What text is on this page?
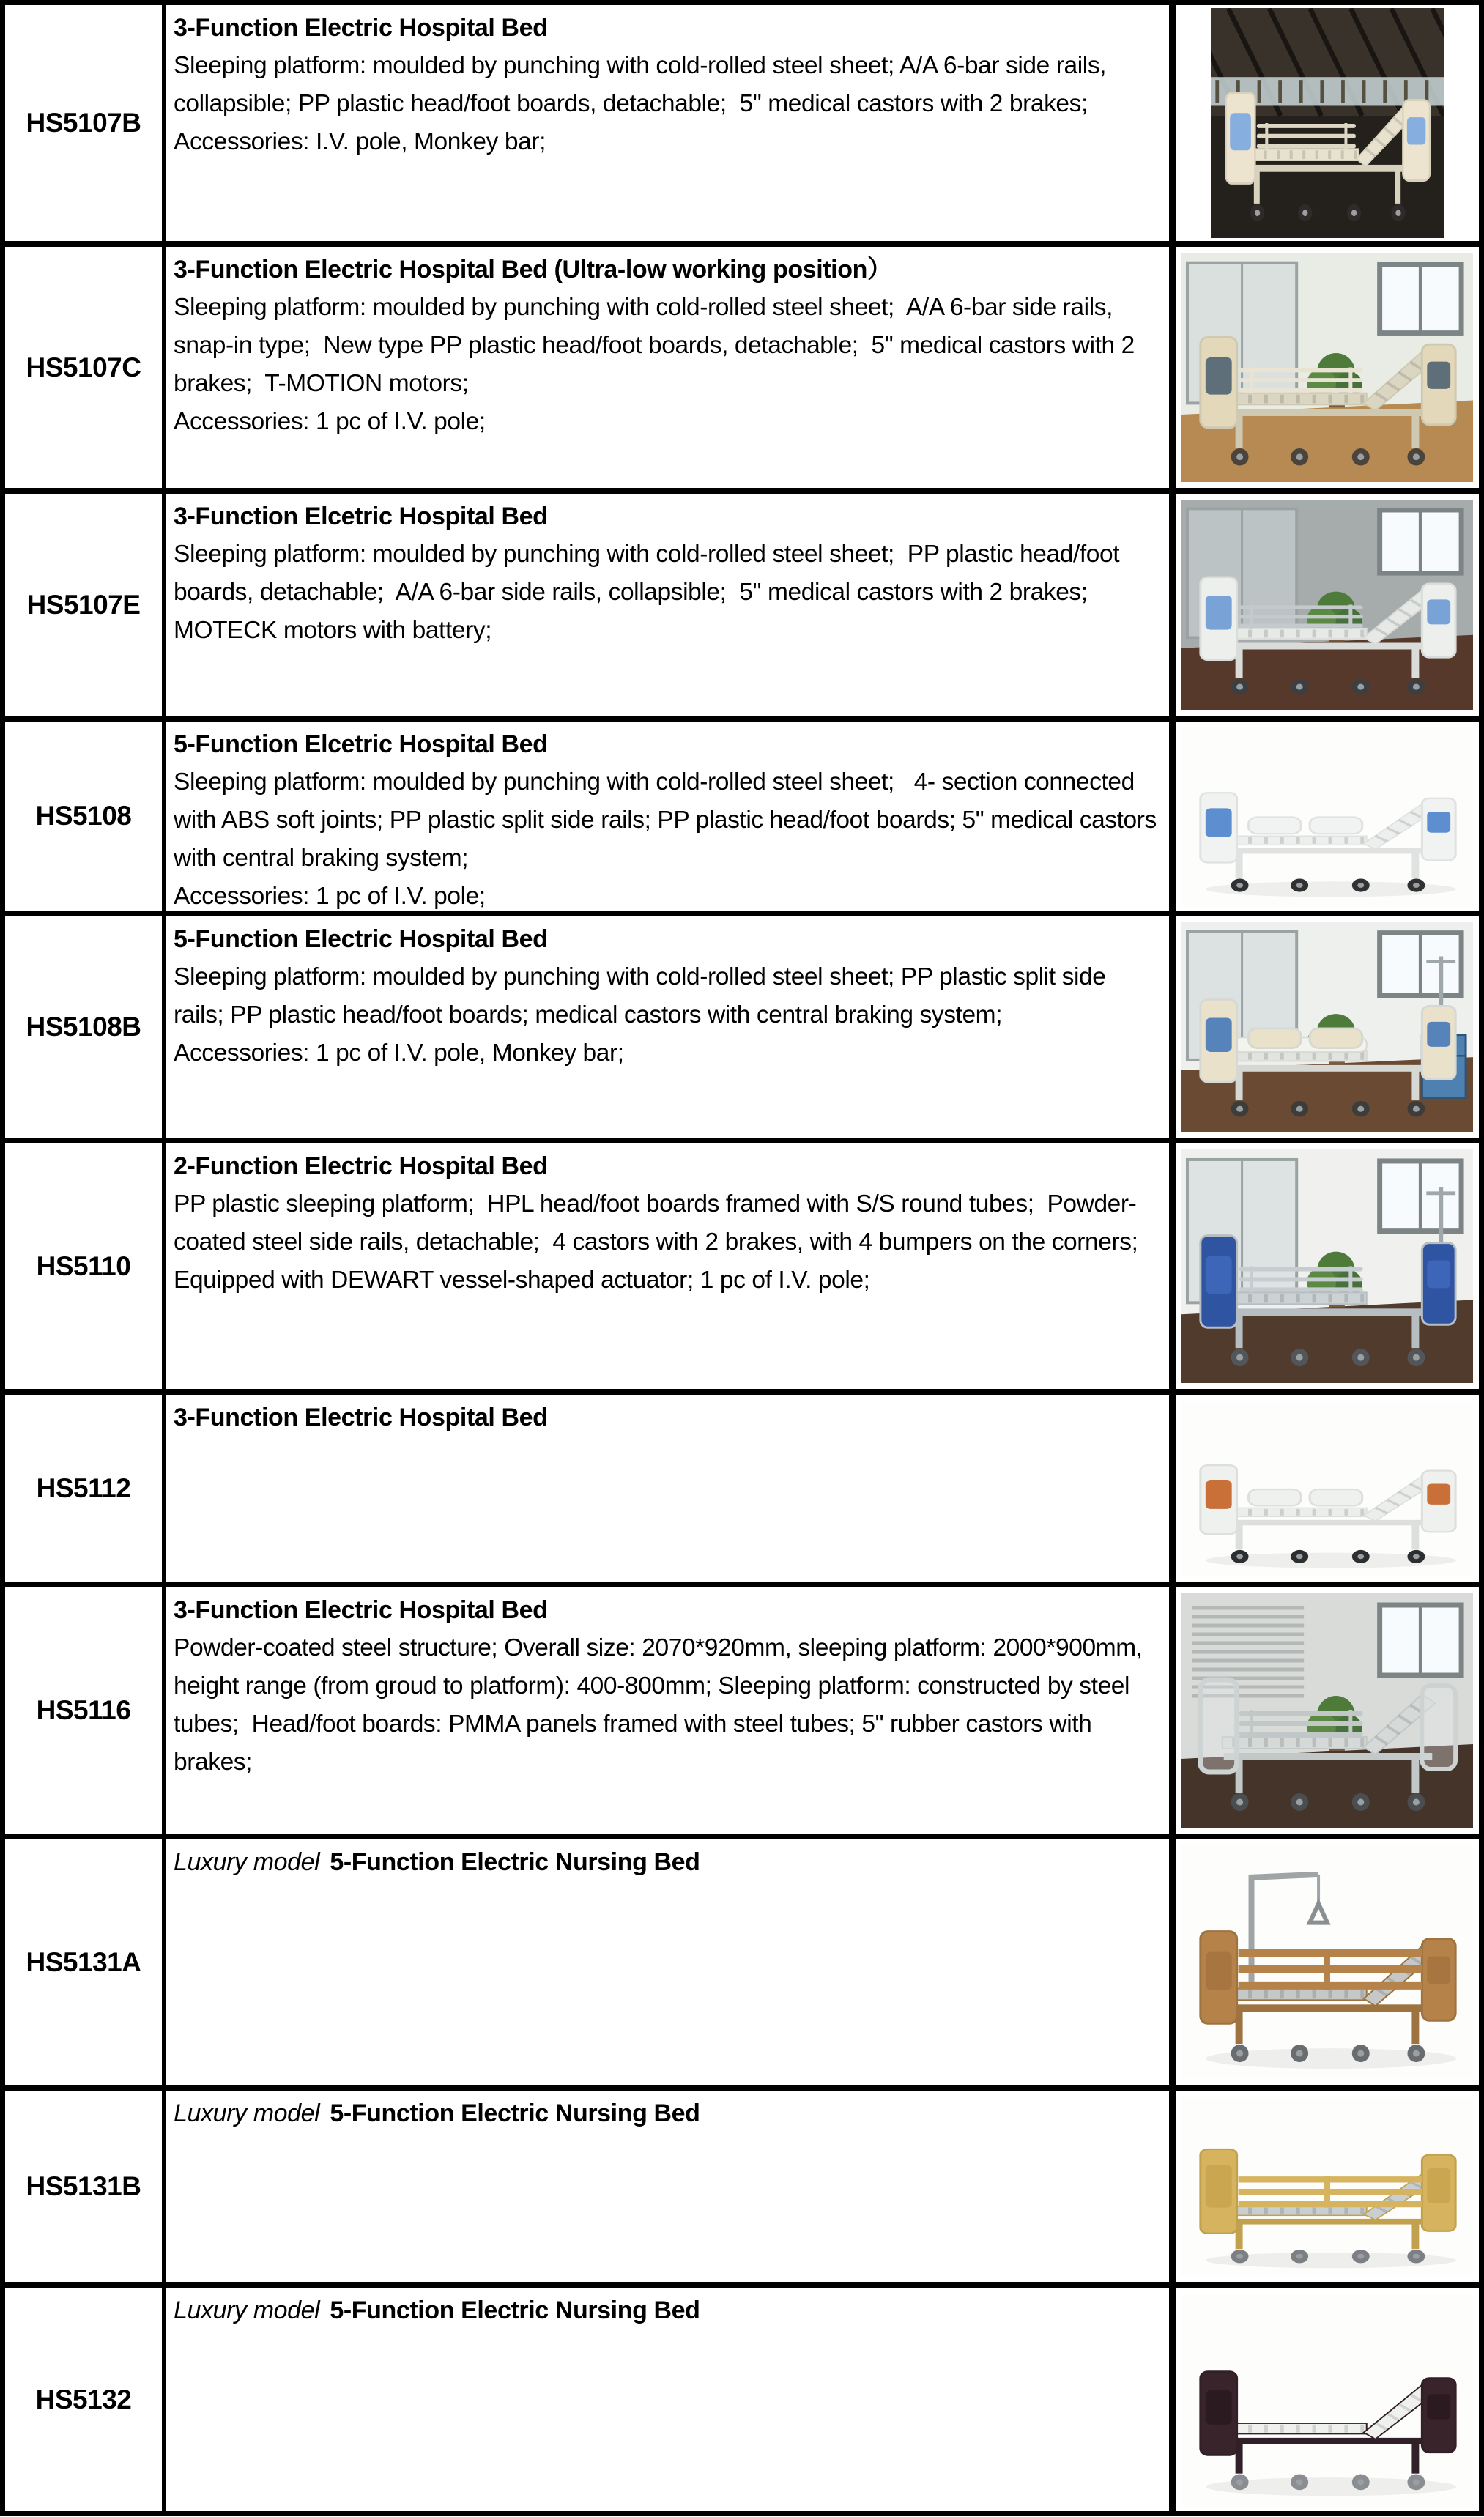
HS5107B
3-Function Electric Hospital Bed
Sleeping platform: moulded by punching with cold-rolled steel sheet; A/A 6-bar side rails, collapsible; PP plastic head/foot boards, detachable;  5" medical castors with 2 brakes;  Accessories: I.V. pole, Monkey bar;
HS5107C
3-Function Electric Hospital Bed (Ultra-low working position）
Sleeping platform: moulded by punching with cold-rolled steel sheet;  A/A 6-bar side rails, snap-in type;  New type PP plastic head/foot boards, detachable;  5" medical castors with 2 brakes;  T-MOTION motors;
Accessories: 1 pc of I.V. pole;
HS5107E
3-Function Elcetric Hospital Bed
Sleeping platform: moulded by punching with cold-rolled steel sheet;  PP plastic head/foot boards, detachable;  A/A 6-bar side rails, collapsible;  5" medical castors with 2 brakes;  MOTECK motors with battery;
HS5108
5-Function Elcetric Hospital Bed
Sleeping platform: moulded by punching with cold-rolled steel sheet;   4- section connected with ABS soft joints; PP plastic split side rails; PP plastic head/foot boards; 5" medical castors with central braking system;
Accessories: 1 pc of I.V. pole;
HS5108B
5-Function Electric Hospital Bed
Sleeping platform: moulded by punching with cold-rolled steel sheet; PP plastic split side rails; PP plastic head/foot boards; medical castors with central braking system;
Accessories: 1 pc of I.V. pole, Monkey bar;
HS5110
2-Function Electric Hospital Bed
PP plastic sleeping platform;  HPL head/foot boards framed with S/S round tubes;  Powder-coated steel side rails, detachable;  4 castors with 2 brakes, with 4 bumpers on the corners;  Equipped with DEWART vessel-shaped actuator; 1 pc of I.V. pole;
HS5112
3-Function Electric Hospital Bed
HS5116
3-Function Electric Hospital Bed
Powder-coated steel structure; Overall size: 2070*920mm, sleeping platform: 2000*900mm, height range (from groud to platform): 400-800mm; Sleeping platform: constructed by steel tubes;  Head/foot boards: PMMA panels framed with steel tubes; 5" rubber castors with brakes;
HS5131A
Luxury model 5-Function Electric Nursing Bed
HS5131B
Luxury model 5-Function Electric Nursing Bed
HS5132
Luxury model 5-Function Electric Nursing Bed
